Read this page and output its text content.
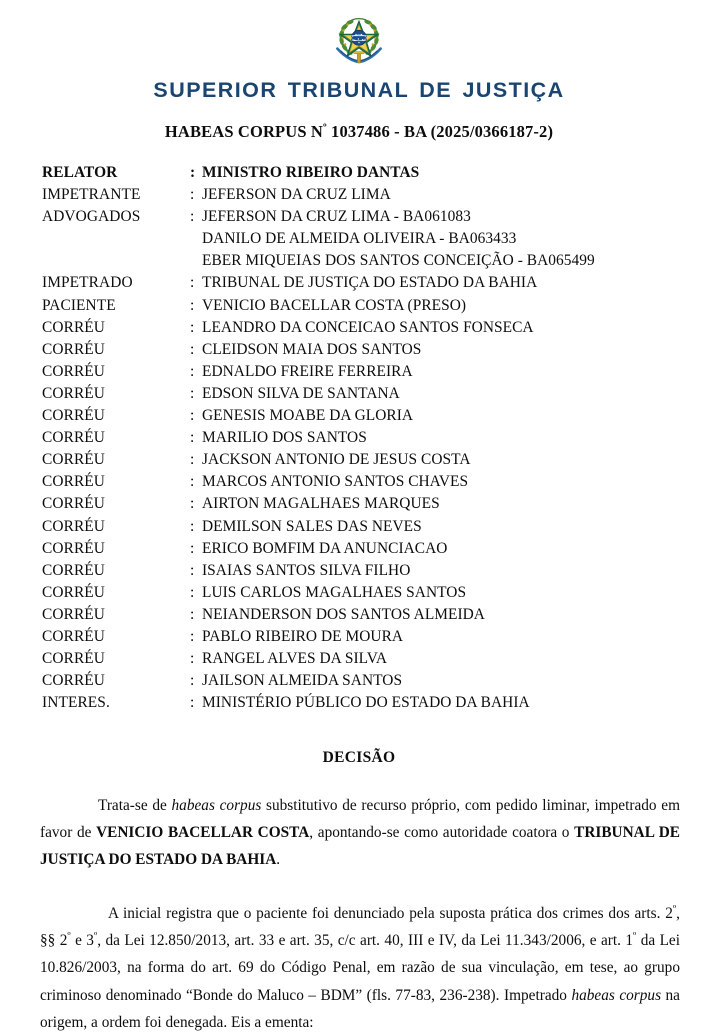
SUPERIOR TRIBUNAL DE JUSTIÇA
HABEAS CORPUS $N^º$ 1037486 - BA (2025/0366187-2)
RELATOR	: MINISTRO RIBEIRO DANTAS
IMPETRANTE	: JEFERSON DA CRUZ LIMA
ADVOGADOS	: JEFERSON DA CRUZ LIMA - BA061083
DANILO DE ALMEIDA OLIVEIRA - BA063433
EBER MIQUEIAS DOS SANTOS CONCEIÇÃO - BA065499
IMPETRADO	: TRIBUNAL DE JUSTIÇA DO ESTADO DA BAHIA
PACIENTE	: VENICIO BACELLAR COSTA (PRESO)
CORRÉU	: LEANDRO DA CONCEICAO SANTOS FONSECA
CORRÉU	: CLEIDSON MAIA DOS SANTOS
CORRÉU	: EDNALDO FREIRE FERREIRA
CORRÉU	: EDSON SILVA DE SANTANA
CORRÉU	: GENESIS MOABE DA GLORIA
CORRÉU	: MARILIO DOS SANTOS
CORRÉU	: JACKSON ANTONIO DE JESUS COSTA
CORRÉU	: MARCOS ANTONIO SANTOS CHAVES
CORRÉU	: AIRTON MAGALHAES MARQUES
CORRÉU	: DEMILSON SALES DAS NEVES
CORRÉU	: ERICO BOMFIM DA ANUNCIACAO
CORRÉU	: ISAIAS SANTOS SILVA FILHO
CORRÉU	: LUIS CARLOS MAGALHAES SANTOS
CORRÉU	: NEIANDERSON DOS SANTOS ALMEIDA
CORRÉU	: PABLO RIBEIRO DE MOURA
CORRÉU	: RANGEL ALVES DA SILVA
CORRÉU	: JAILSON ALMEIDA SANTOS
INTERES.	: MINISTÉRIO PÚBLICO DO ESTADO DA BAHIA
DECISÃO

Trata-se de habeas corpus substitutivo de recurso próprio, com pedido liminar, impetrado em favor de VENICIO BACELLAR COSTA, apontando-se como autoridade coatora o TRIBUNAL DE JUSTIÇA DO ESTADO DA BAHIA.

A inicial registra que o paciente foi denunciado pela suposta prática dos crimes dos arts. $2^º$, §§ $2^º$ e $3^º$, da Lei 12.850/2013, art. 33 e art. 35, c/c art. 40, III e IV, da Lei 11.343/2006, e art. $1^º$ da Lei 10.826/2003, na forma do art. 69 do Código Penal, em razão de sua vinculação, em tese, ao grupo criminoso denominado “Bonde do Maluco – BDM” (fls. 77-83, 236-238). Impetrado habeas corpus na origem, a ordem foi denegada. Eis a ementa:
